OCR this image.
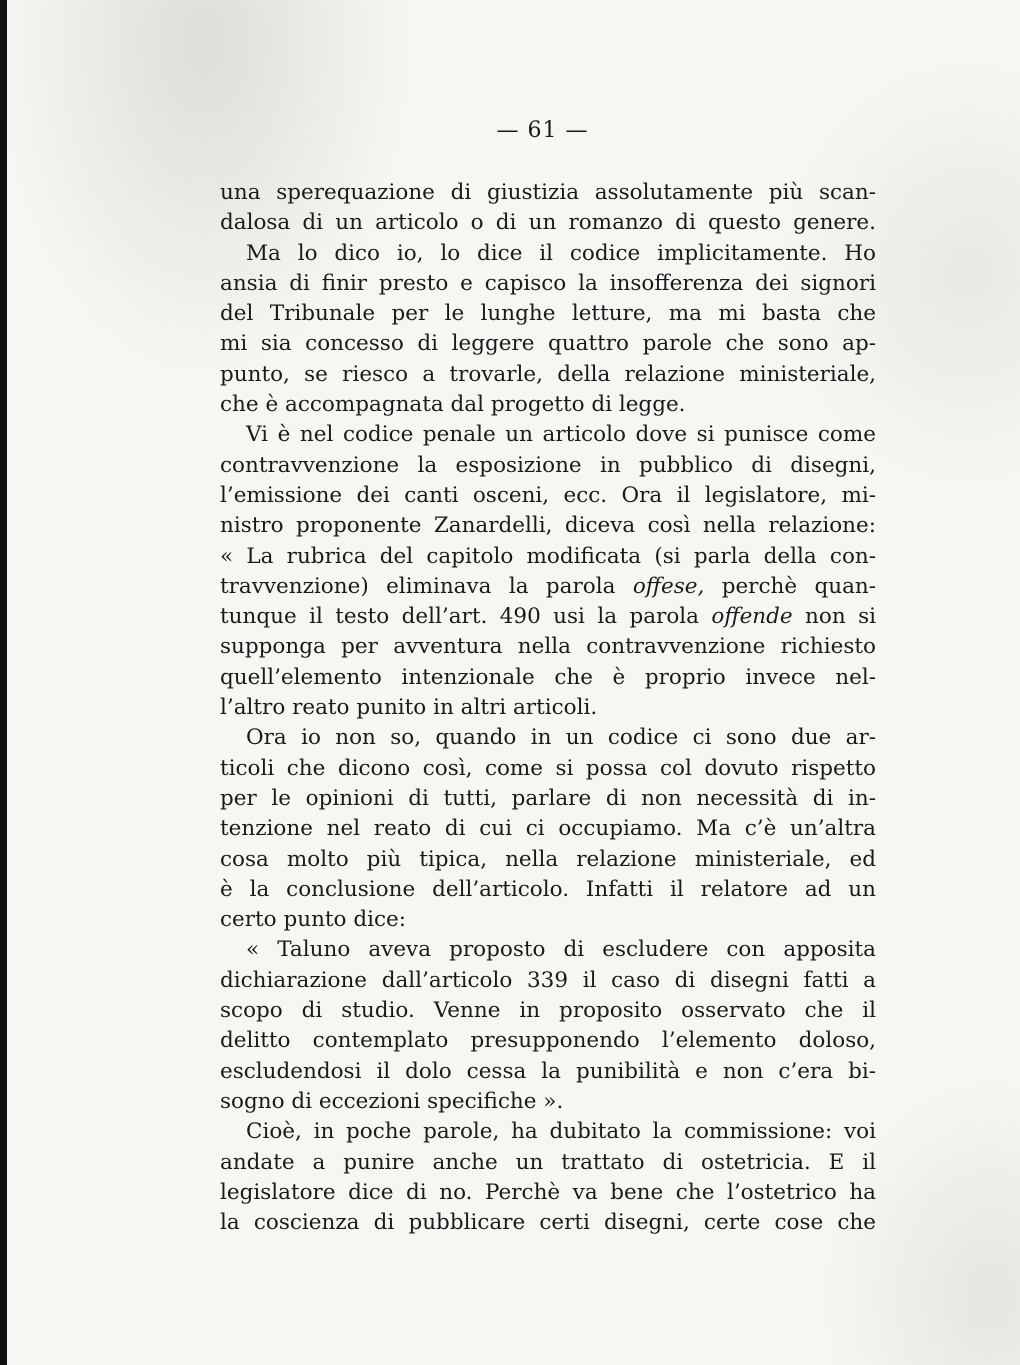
— 61 —
una sperequazione di giustizia assolutamente più scan-
dalosa di un articolo o di un romanzo di questo genere.
Ma lo dico io, lo dice il codice implicitamente. Ho
ansia di finir presto e capisco la insofferenza dei signori
del Tribunale per le lunghe letture, ma mi basta che
mi sia concesso di leggere quattro parole che sono ap-
punto, se riesco a trovarle, della relazione ministeriale,
che è accompagnata dal progetto di legge.
Vi è nel codice penale un articolo dove si punisce come
contravvenzione la esposizione in pubblico di disegni,
l’emissione dei canti osceni, ecc. Ora il legislatore, mi-
nistro proponente Zanardelli, diceva così nella relazione:
« La rubrica del capitolo modificata (si parla della con-
travvenzione) eliminava la parola offese, perchè quan-
tunque il testo dell’art. 490 usi la parola offende non si
supponga per avventura nella contravvenzione richiesto
quell’elemento intenzionale che è proprio invece nel-
l’altro reato punito in altri articoli.
Ora io non so, quando in un codice ci sono due ar-
ticoli che dicono così, come si possa col dovuto rispetto
per le opinioni di tutti, parlare di non necessità di in-
tenzione nel reato di cui ci occupiamo. Ma c’è un’altra
cosa molto più tipica, nella relazione ministeriale, ed
è la conclusione dell’articolo. Infatti il relatore ad un
certo punto dice:
« Taluno aveva proposto di escludere con apposita
dichiarazione dall’articolo 339 il caso di disegni fatti a
scopo di studio. Venne in proposito osservato che il
delitto contemplato presupponendo l’elemento doloso,
escludendosi il dolo cessa la punibilità e non c’era bi-
sogno di eccezioni specifiche ».
Cioè, in poche parole, ha dubitato la commissione: voi
andate a punire anche un trattato di ostetricia. E il
legislatore dice di no. Perchè va bene che l’ostetrico ha
la coscienza di pubblicare certi disegni, certe cose che
